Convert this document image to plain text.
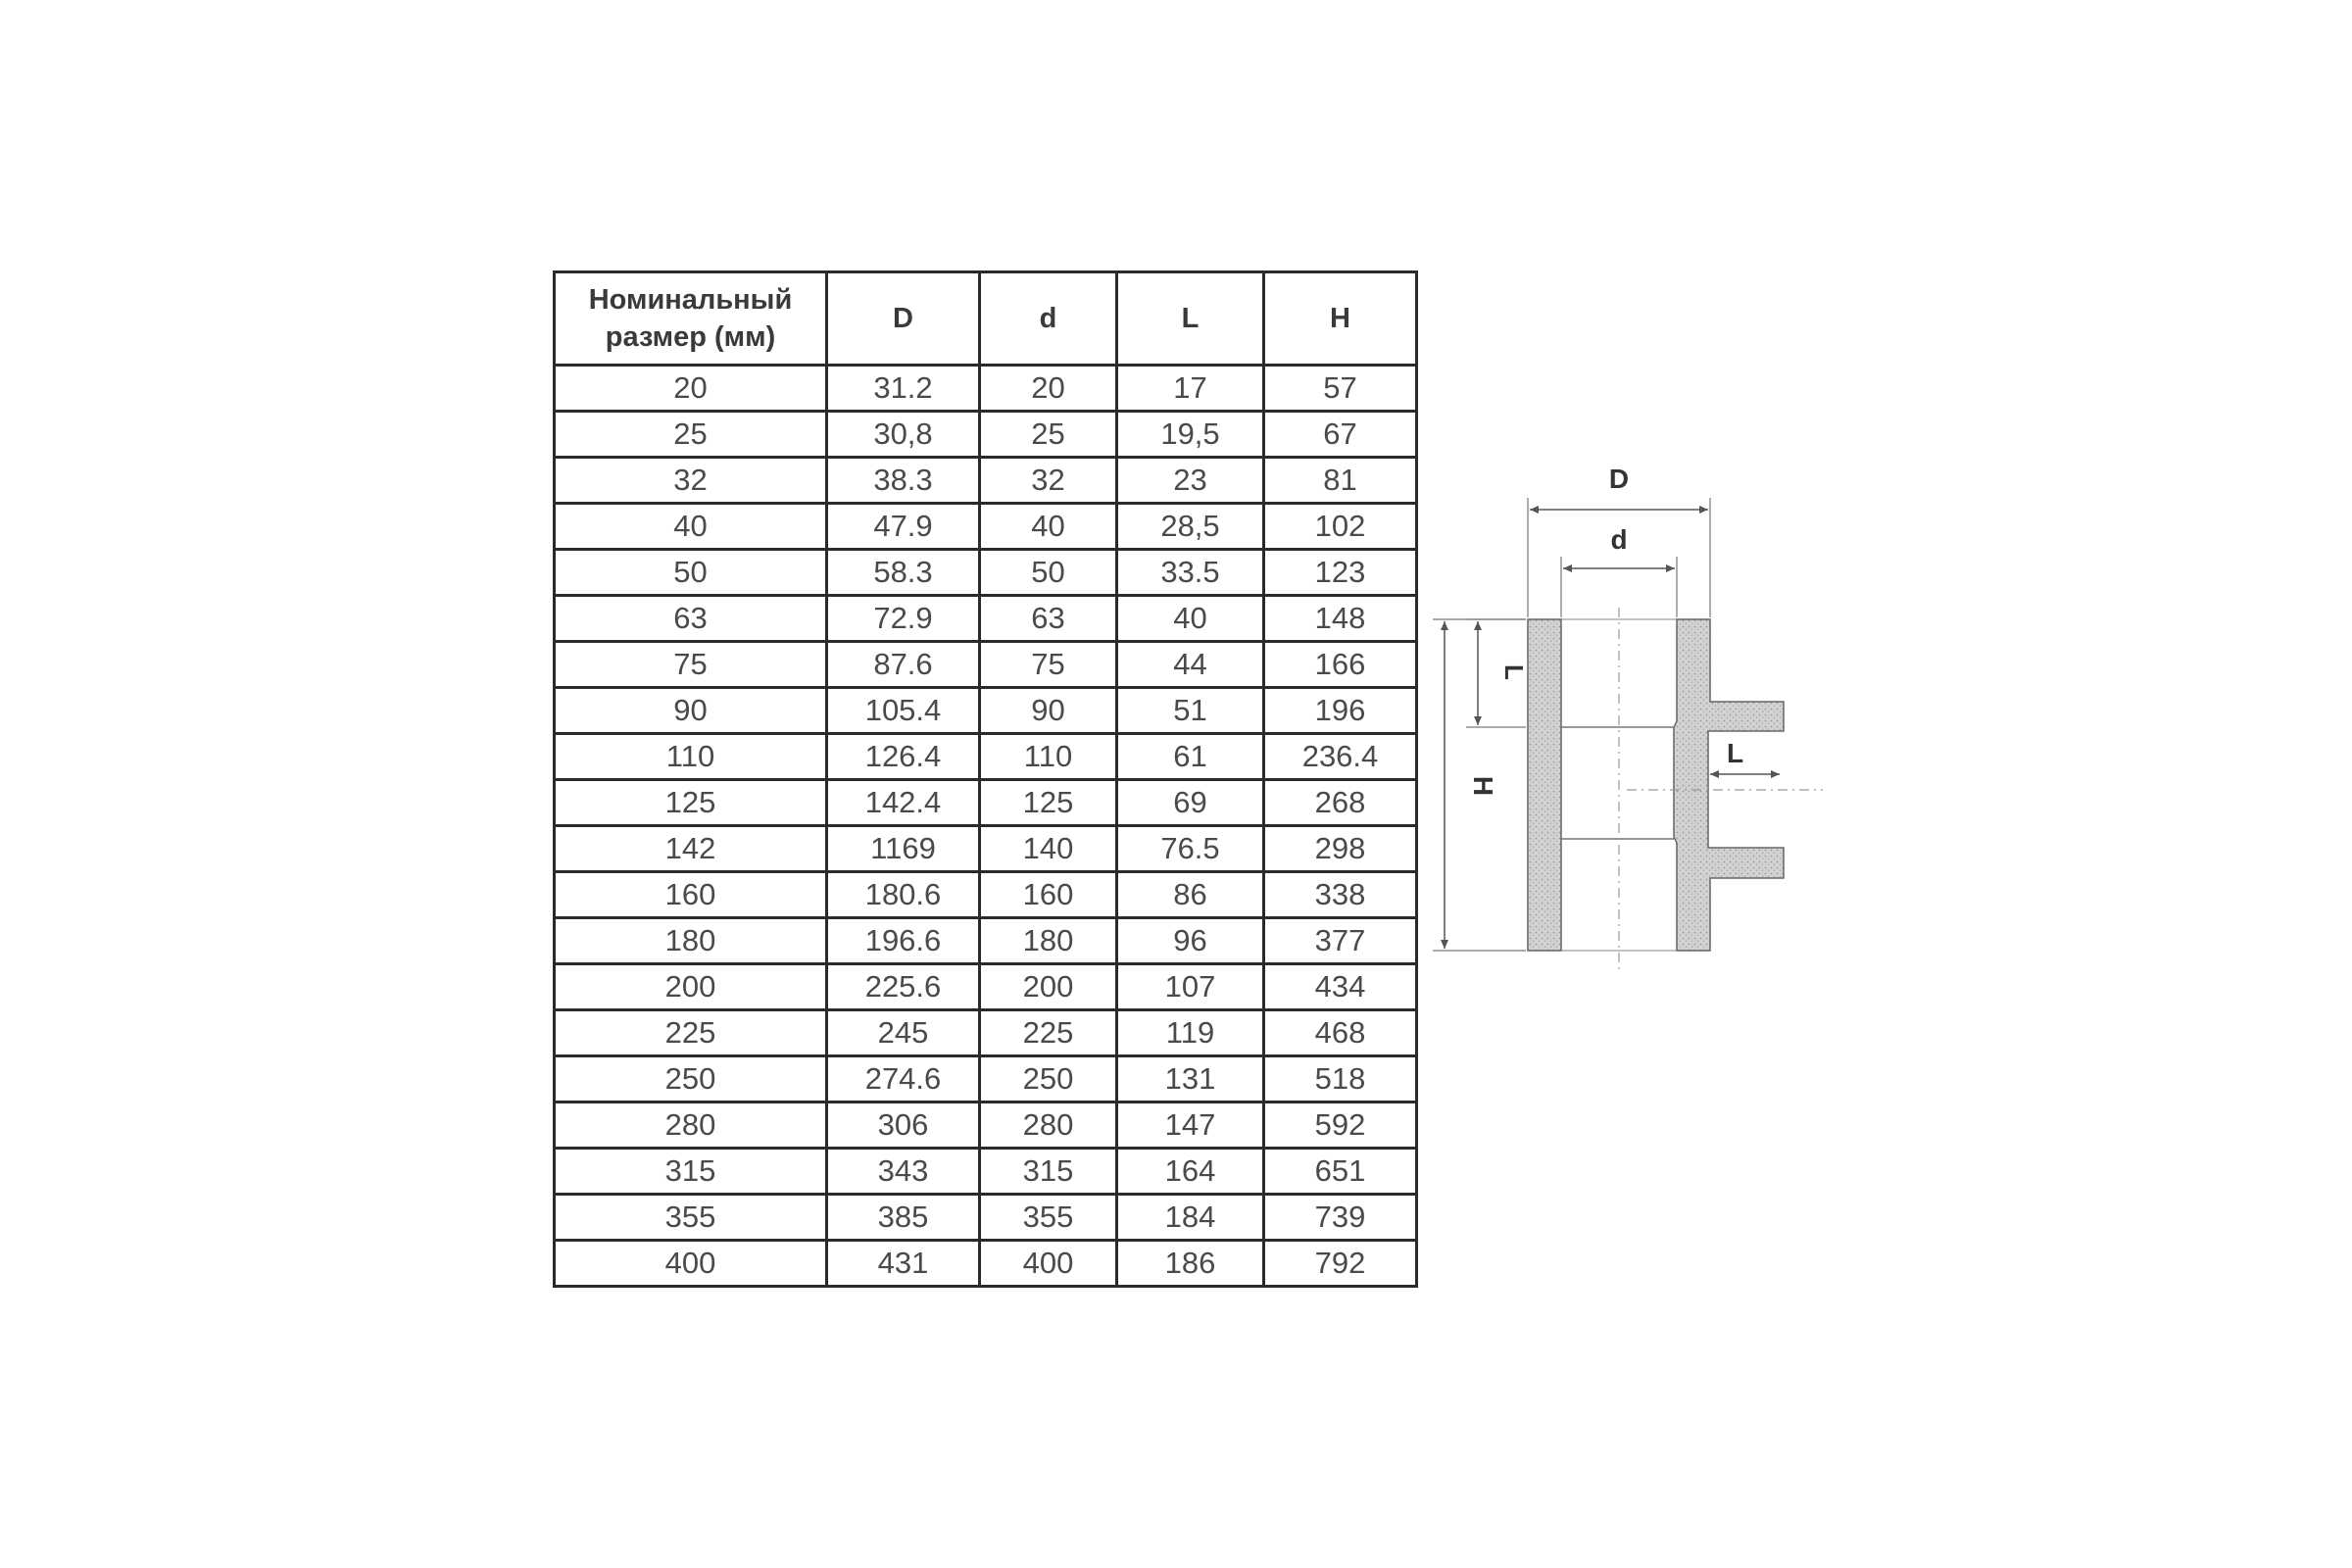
Номинальный
размер (мм)	D	d	L	H
20	31.2	20	17	57
25	30,8	25	19,5	67
32	38.3	32	23	81
40	47.9	40	28,5	102
50	58.3	50	33.5	123
63	72.9	63	40	148
75	87.6	75	44	166
90	105.4	90	51	196
110	126.4	110	61	236.4
125	142.4	125	69	268
142	1169	140	76.5	298
160	180.6	160	86	338
180	196.6	180	96	377
200	225.6	200	107	434
225	245	225	119	468
250	274.6	250	131	518
280	306	280	147	592
315	343	315	164	651
355	385	355	184	739
400	431	400	186	792
D
d
L
L
H
